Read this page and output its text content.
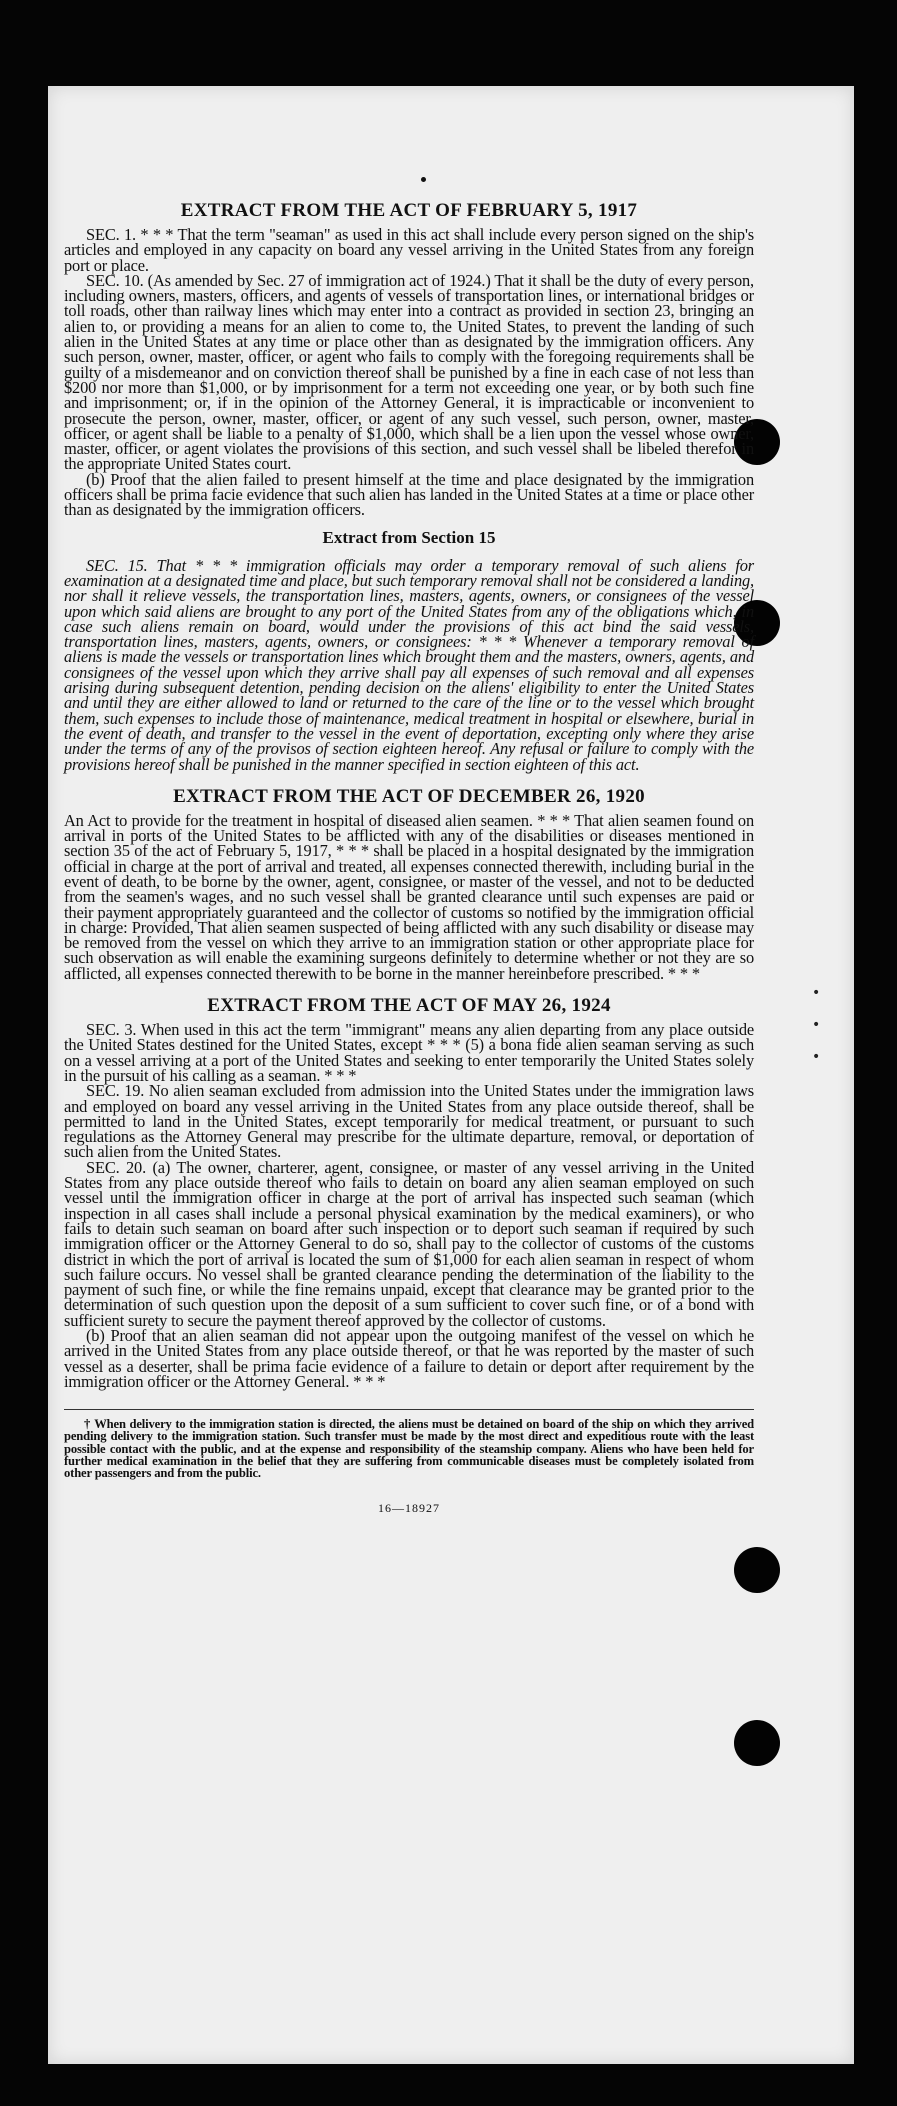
•

•

•
EXTRACT FROM THE ACT OF FEBRUARY 5, 1917

SEC. 1. * * * That the term "seaman" as used in this act shall include every person signed on the ship's articles and employed in any capacity on board any vessel arriving in the United States from any foreign port or place.

SEC. 10. (As amended by Sec. 27 of immigration act of 1924.) That it shall be the duty of every person, including owners, masters, officers, and agents of vessels of transportation lines, or international bridges or toll roads, other than railway lines which may enter into a contract as provided in section 23, bringing an alien to, or providing a means for an alien to come to, the United States, to prevent the landing of such alien in the United States at any time or place other than as designated by the immigration officers. Any such person, owner, master, officer, or agent who fails to comply with the foregoing requirements shall be guilty of a misdemeanor and on conviction thereof shall be punished by a fine in each case of not less than $200 nor more than $1,000, or by imprisonment for a term not exceeding one year, or by both such fine and imprisonment; or, if in the opinion of the Attorney General, it is impracticable or inconvenient to prosecute the person, owner, master, officer, or agent of any such vessel, such person, owner, master, officer, or agent shall be liable to a penalty of $1,000, which shall be a lien upon the vessel whose owner, master, officer, or agent violates the provisions of this section, and such vessel shall be libeled therefor in the appropriate United States court.

(b) Proof that the alien failed to present himself at the time and place designated by the immigration officers shall be prima facie evidence that such alien has landed in the United States at a time or place other than as designated by the immigration officers.

Extract from Section 15

SEC. 15. That * * * immigration officials may order a temporary removal of such aliens for examination at a designated time and place, but such temporary removal shall not be considered a landing, nor shall it relieve vessels, the transportation lines, masters, agents, owners, or consignees of the vessel upon which said aliens are brought to any port of the United States from any of the obligations which, in case such aliens remain on board, would under the provisions of this act bind the said vessels, transportation lines, masters, agents, owners, or consignees: * * * Whenever a temporary removal of aliens is made the vessels or transportation lines which brought them and the masters, owners, agents, and consignees of the vessel upon which they arrive shall pay all expenses of such removal and all expenses arising during subsequent detention, pending decision on the aliens' eligibility to enter the United States and until they are either allowed to land or returned to the care of the line or to the vessel which brought them, such expenses to include those of maintenance, medical treatment in hospital or elsewhere, burial in the event of death, and transfer to the vessel in the event of deportation, excepting only where they arise under the terms of any of the provisos of section eighteen hereof. Any refusal or failure to comply with the provisions hereof shall be punished in the manner specified in section eighteen of this act.

EXTRACT FROM THE ACT OF DECEMBER 26, 1920

An Act to provide for the treatment in hospital of diseased alien seamen. * * * That alien seamen found on arrival in ports of the United States to be afflicted with any of the disabilities or diseases mentioned in section 35 of the act of February 5, 1917, * * * shall be placed in a hospital designated by the immigration official in charge at the port of arrival and treated, all expenses connected therewith, including burial in the event of death, to be borne by the owner, agent, consignee, or master of the vessel, and not to be deducted from the seamen's wages, and no such vessel shall be granted clearance until such expenses are paid or their payment appropriately guaranteed and the collector of customs so notified by the immigration official in charge: Provided, That alien seamen suspected of being afflicted with any such disability or disease may be removed from the vessel on which they arrive to an immigration station or other appropriate place for such observation as will enable the examining surgeons definitely to determine whether or not they are so afflicted, all expenses connected therewith to be borne in the manner hereinbefore prescribed. * * *

EXTRACT FROM THE ACT OF MAY 26, 1924

SEC. 3. When used in this act the term "immigrant" means any alien departing from any place outside the United States destined for the United States, except * * * (5) a bona fide alien seaman serving as such on a vessel arriving at a port of the United States and seeking to enter temporarily the United States solely in the pursuit of his calling as a seaman. * * *

SEC. 19. No alien seaman excluded from admission into the United States under the immigration laws and employed on board any vessel arriving in the United States from any place outside thereof, shall be permitted to land in the United States, except temporarily for medical treatment, or pursuant to such regulations as the Attorney General may prescribe for the ultimate departure, removal, or deportation of such alien from the United States.

SEC. 20. (a) The owner, charterer, agent, consignee, or master of any vessel arriving in the United States from any place outside thereof who fails to detain on board any alien seaman employed on such vessel until the immigration officer in charge at the port of arrival has inspected such seaman (which inspection in all cases shall include a personal physical examination by the medical examiners), or who fails to detain such seaman on board after such inspection or to deport such seaman if required by such immigration officer or the Attorney General to do so, shall pay to the collector of customs of the customs district in which the port of arrival is located the sum of $1,000 for each alien seaman in respect of whom such failure occurs. No vessel shall be granted clearance pending the determination of the liability to the payment of such fine, or while the fine remains unpaid, except that clearance may be granted prior to the determination of such question upon the deposit of a sum sufficient to cover such fine, or of a bond with sufficient surety to secure the payment thereof approved by the collector of customs.

(b) Proof that an alien seaman did not appear upon the outgoing manifest of the vessel on which he arrived in the United States from any place outside thereof, or that he was reported by the master of such vessel as a deserter, shall be prima facie evidence of a failure to detain or deport after requirement by the immigration officer or the Attorney General. * * *

† When delivery to the immigration station is directed, the aliens must be detained on board of the ship on which they arrived pending delivery to the immigration station. Such transfer must be made by the most direct and expeditious route with the least possible contact with the public, and at the expense and responsibility of the steamship company. Aliens who have been held for further medical examination in the belief that they are suffering from communicable diseases must be completely isolated from other passengers and from the public.

16—18927
